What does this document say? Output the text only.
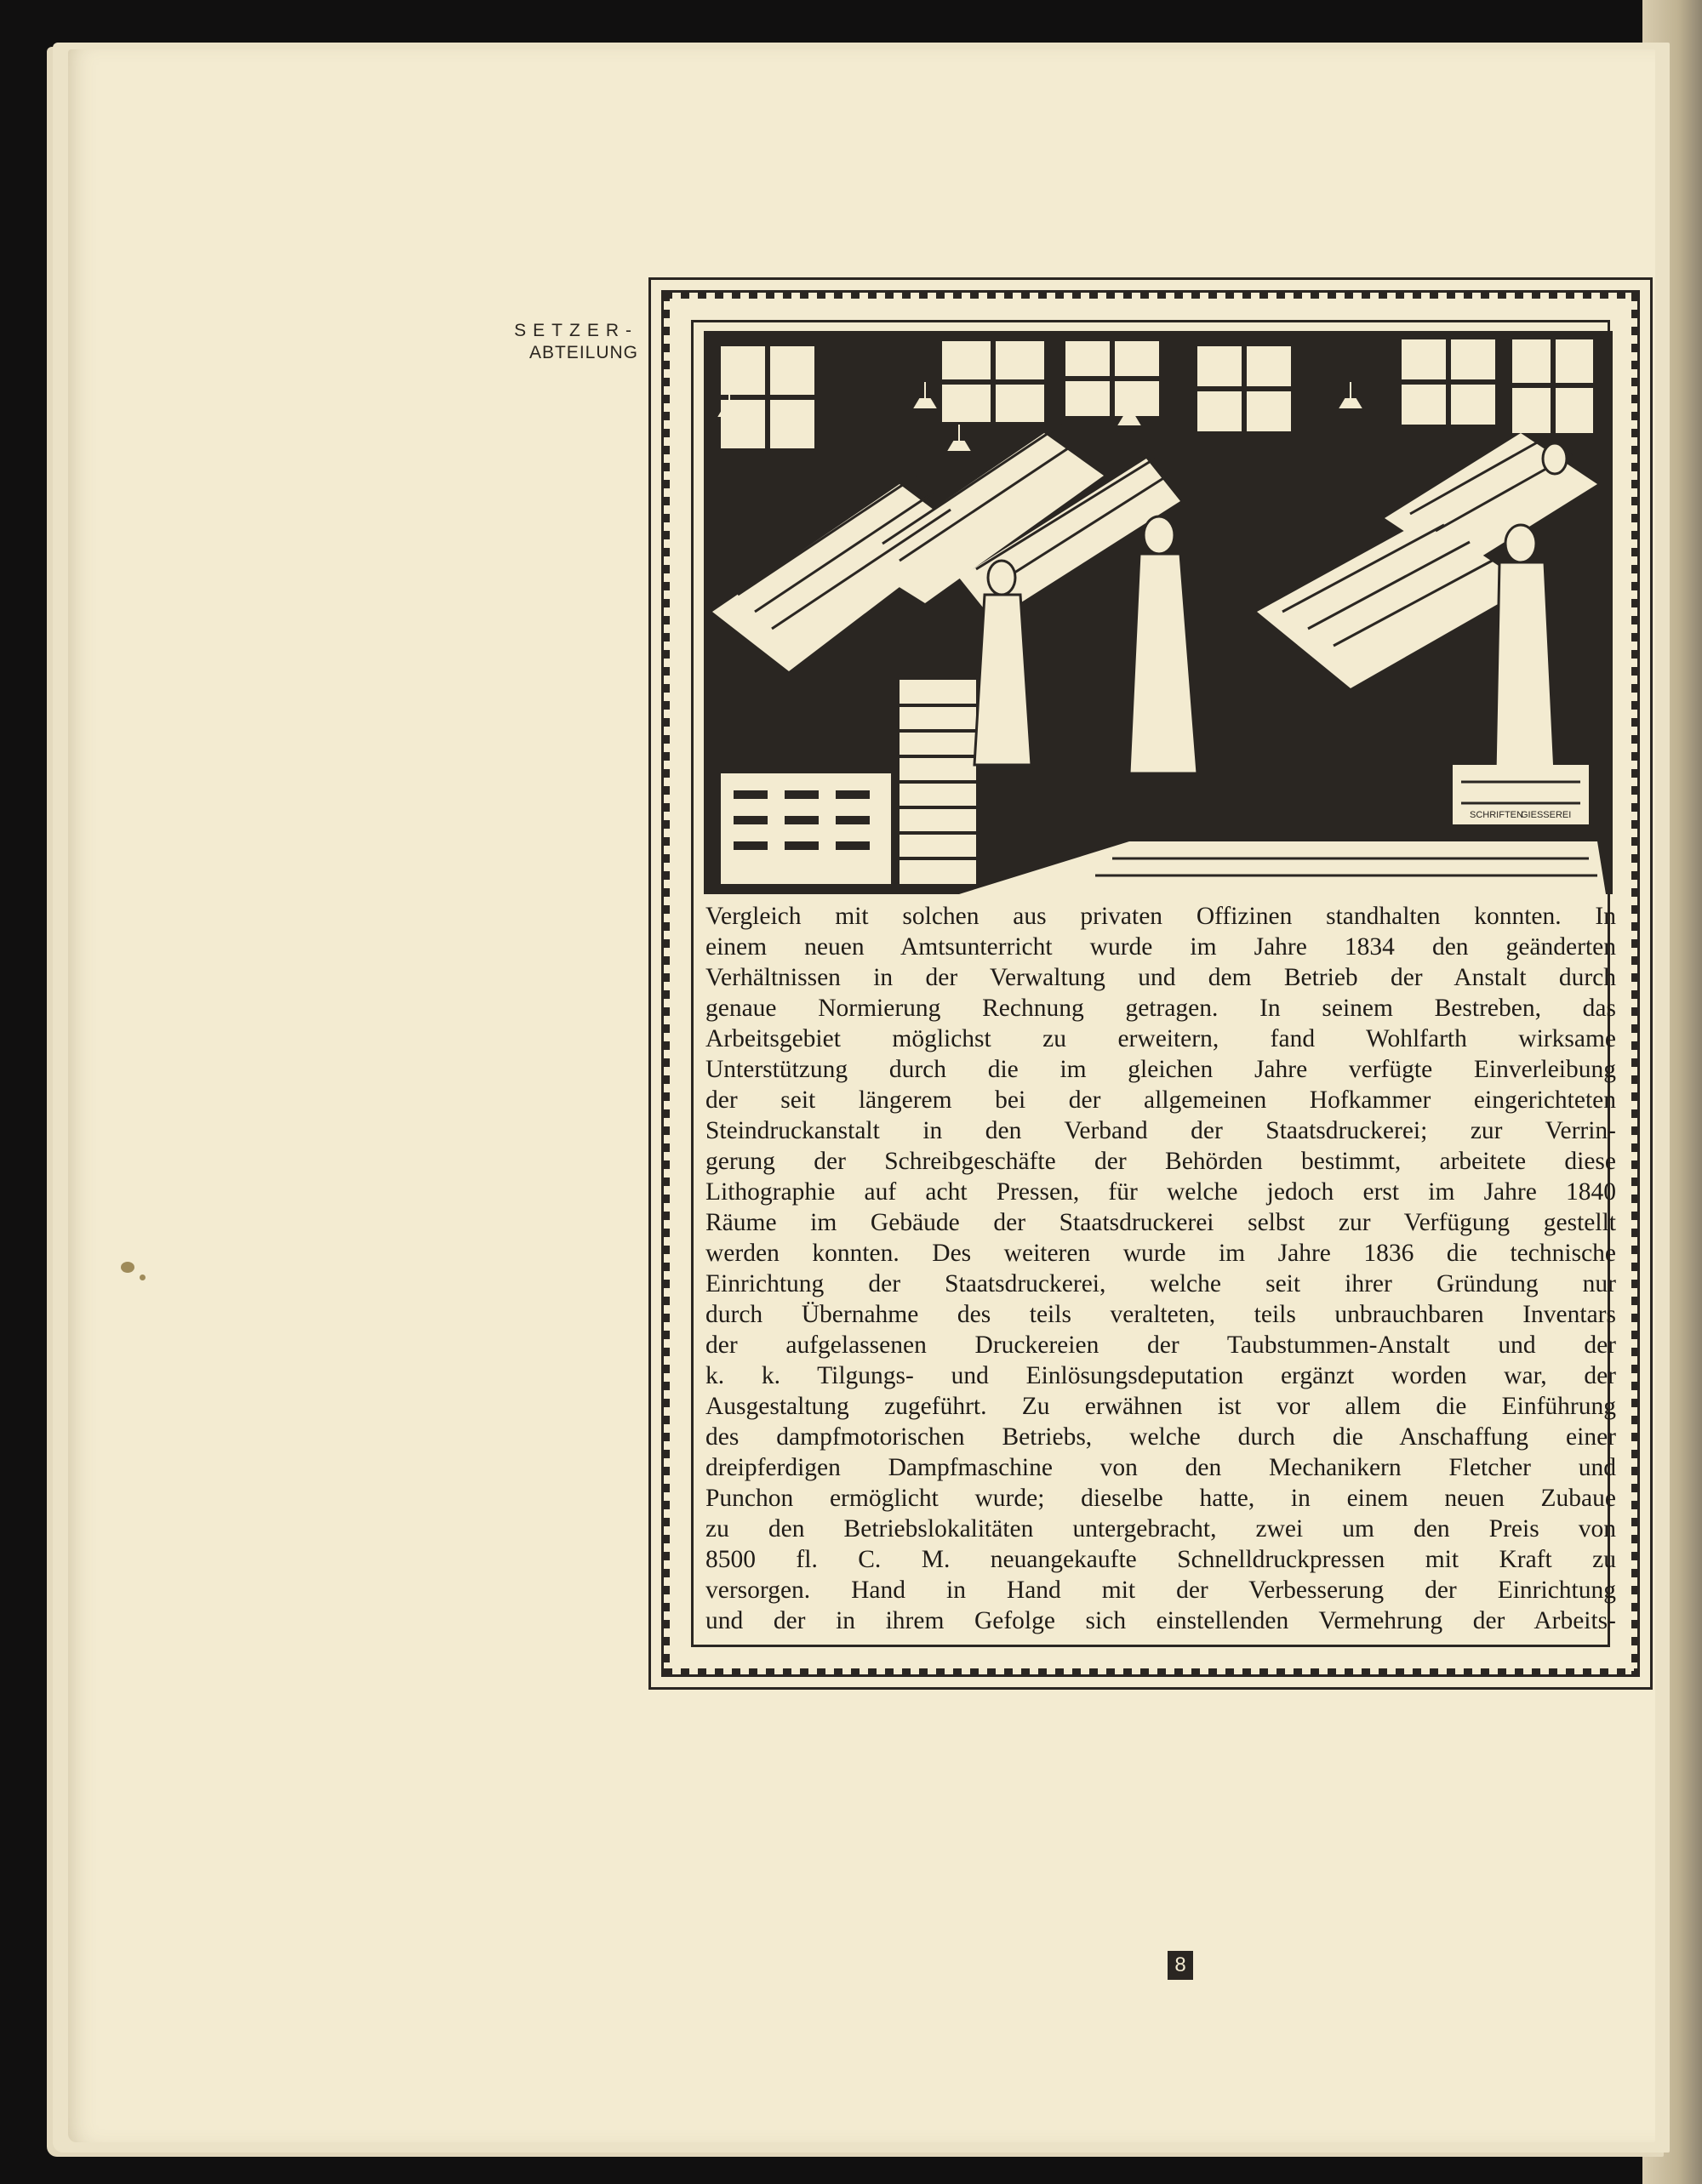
SETZER-
ABTEILUNG
SCHRIFTEN
GIESSEREI
Vergleich mit solchen aus privaten Offizinen standhalten konnten. In
einem neuen Amtsunterricht wurde im Jahre 1834 den geänderten
Verhältnissen in der Verwaltung und dem Betrieb der Anstalt durch
genaue Normierung Rechnung getragen. In seinem Bestreben, das
Arbeitsgebiet möglichst zu erweitern, fand Wohlfarth wirksame
Unterstützung durch die im gleichen Jahre verfügte Einverleibung
der seit längerem bei der allgemeinen Hofkammer eingerichteten
Steindruckanstalt in den Verband der Staatsdruckerei; zur Verrin-
gerung der Schreibgeschäfte der Behörden bestimmt, arbeitete diese
Lithographie auf acht Pressen, für welche jedoch erst im Jahre 1840
Räume im Gebäude der Staatsdruckerei selbst zur Verfügung gestellt
werden konnten. Des weiteren wurde im Jahre 1836 die technische
Einrichtung der Staatsdruckerei, welche seit ihrer Gründung nur
durch Übernahme des teils veralteten, teils unbrauchbaren Inventars
der aufgelassenen Druckereien der Taubstummen-Anstalt und der
k. k. Tilgungs- und Einlösungsdeputation ergänzt worden war, der
Ausgestaltung zugeführt. Zu erwähnen ist vor allem die Einführung
des dampfmotorischen Betriebs, welche durch die Anschaffung einer
dreipferdigen Dampfmaschine von den Mechanikern Fletcher und
Punchon ermöglicht wurde; dieselbe hatte, in einem neuen Zubaue
zu den Betriebslokalitäten untergebracht, zwei um den Preis von
8500 fl. C. M. neuangekaufte Schnelldruckpressen mit Kraft zu
versorgen. Hand in Hand mit der Verbesserung der Einrichtung
und der in ihrem Gefolge sich einstellenden Vermehrung der Arbeits-
8
